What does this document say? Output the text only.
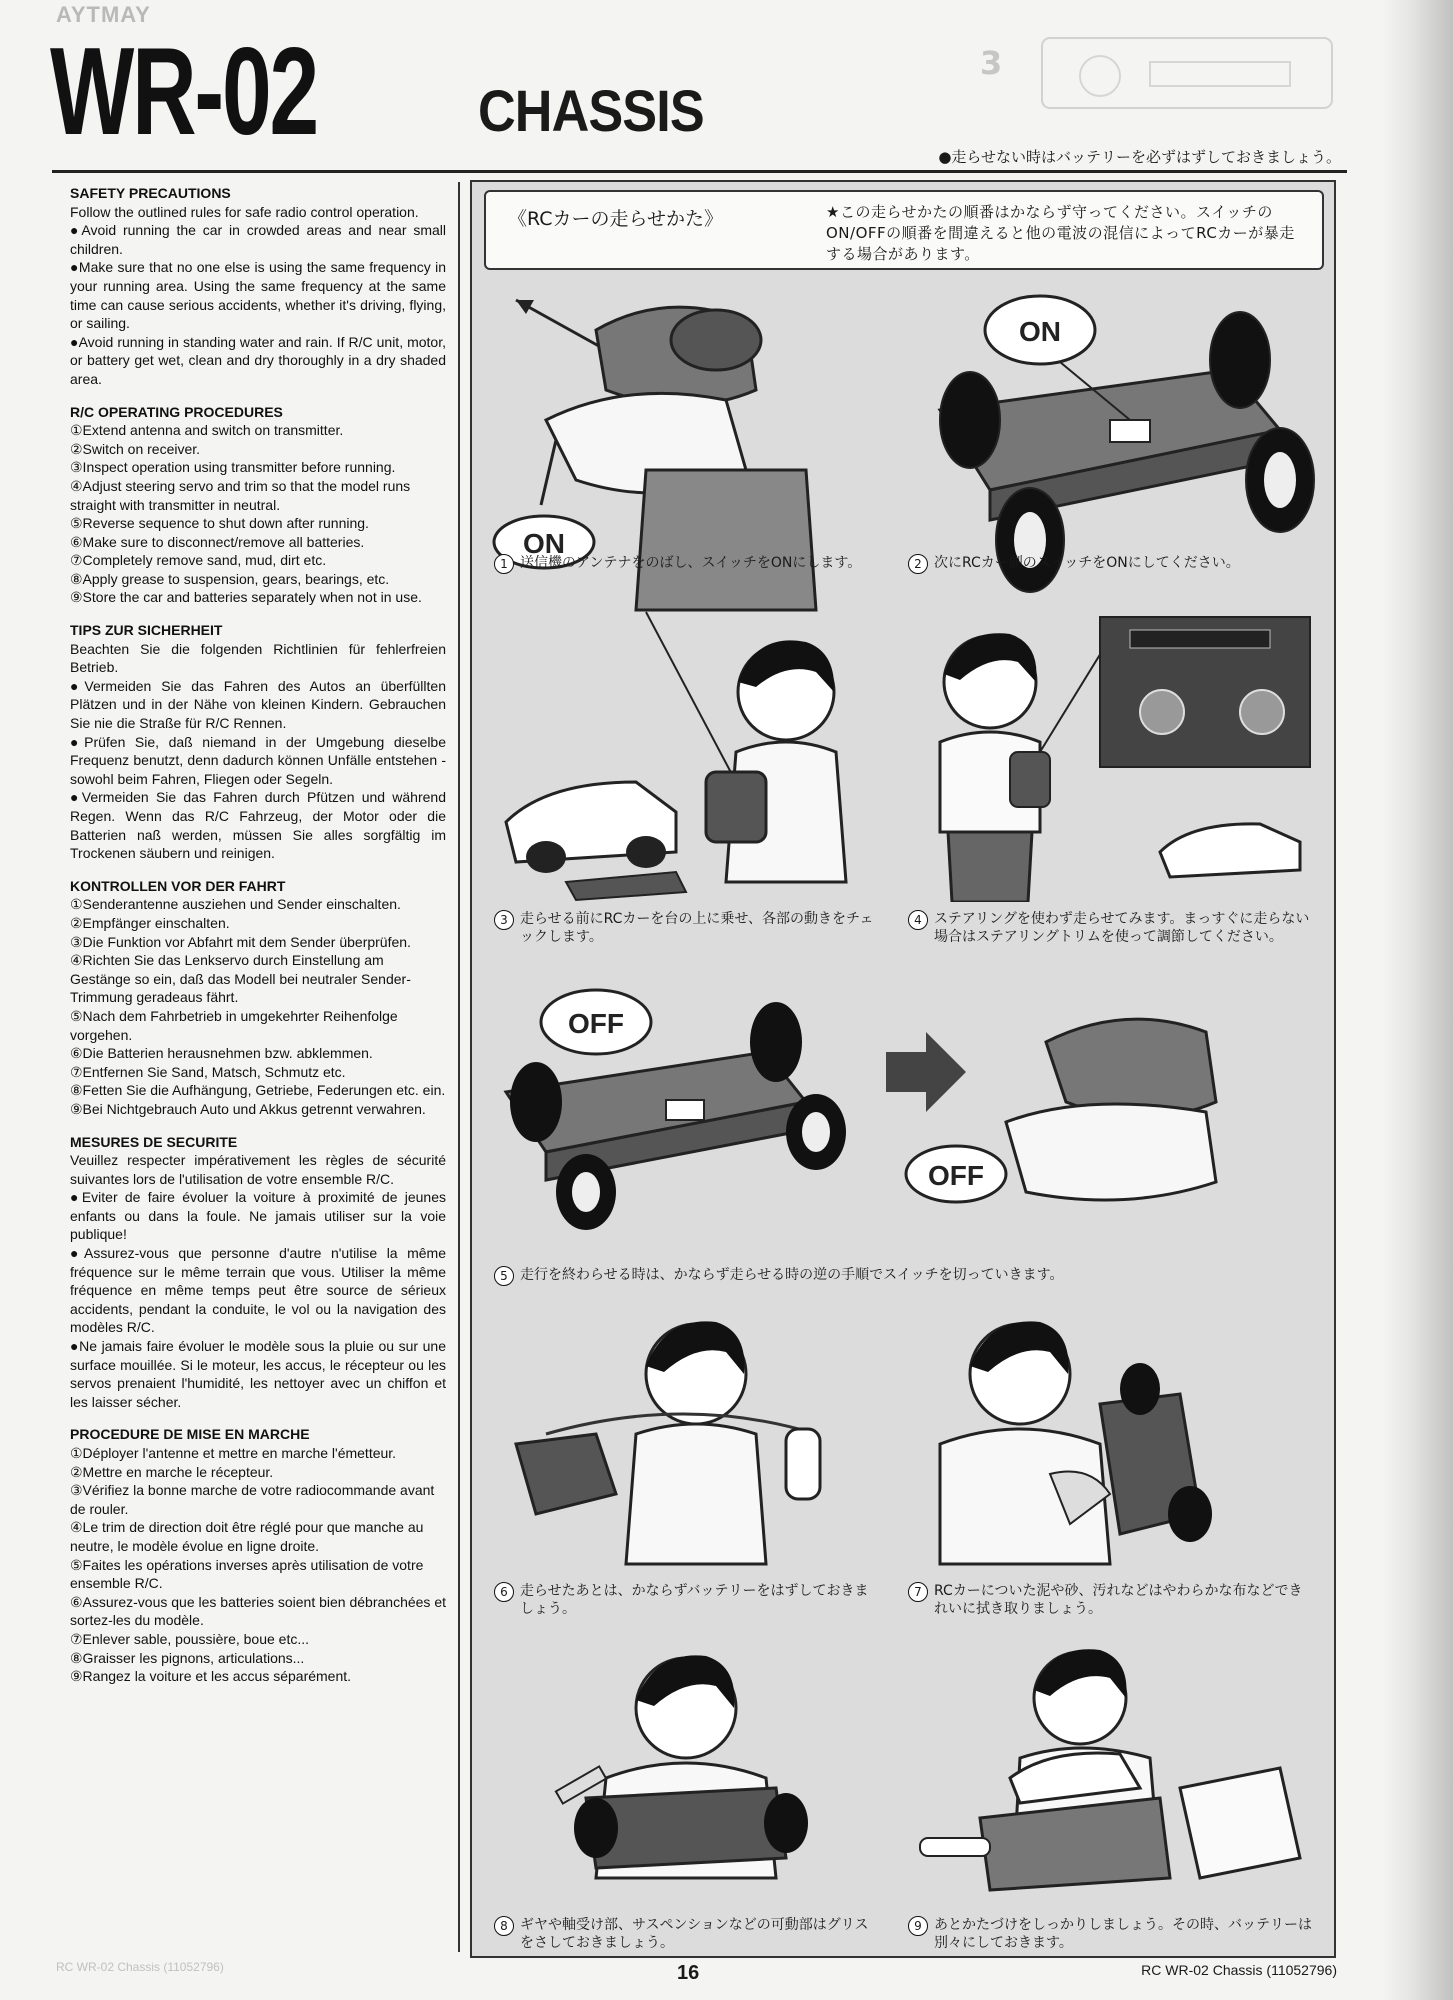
AYTMAY
WR-02	CHASSIS
3
●走らせない時はバッテリーを必ずはずしておきましょう。
SAFETY PRECAUTIONS
Follow the outlined rules for safe radio control operation.
●Avoid running the car in crowded areas and near small children.
●Make sure that no one else is using the same frequency in your running area. Using the same frequency at the same time can cause serious accidents, whether it's driving, flying, or sailing.
●Avoid running in standing water and rain. If R/C unit, motor, or battery get wet, clean and dry thoroughly in a dry shaded area.
R/C OPERATING PROCEDURES
①Extend antenna and switch on transmitter.
②Switch on receiver.
③Inspect operation using transmitter before running.
④Adjust steering servo and trim so that the model runs straight with transmitter in neutral.
⑤Reverse sequence to shut down after running.
⑥Make sure to disconnect/remove all batteries.
⑦Completely remove sand, mud, dirt etc.
⑧Apply grease to suspension, gears, bearings, etc.
⑨Store the car and batteries separately when not in use.
TIPS ZUR SICHERHEIT
Beachten Sie die folgenden Richtlinien für fehlerfreien Betrieb.
●Vermeiden Sie das Fahren des Autos an überfüllten Plätzen und in der Nähe von kleinen Kindern. Gebrauchen Sie nie die Straße für R/C Rennen.
●Prüfen Sie, daß niemand in der Umgebung dieselbe Frequenz benutzt, denn dadurch können Unfälle entstehen - sowohl beim Fahren, Fliegen oder Segeln.
●Vermeiden Sie das Fahren durch Pfützen und während Regen. Wenn das R/C Fahrzeug, der Motor oder die Batterien naß werden, müssen Sie alles sorgfältig im Trockenen säubern und reinigen.
KONTROLLEN VOR DER FAHRT
①Senderantenne ausziehen und Sender einschalten.
②Empfänger einschalten.
③Die Funktion vor Abfahrt mit dem Sender überprüfen.
④Richten Sie das Lenkservo durch Einstellung am Gestänge so ein, daß das Modell bei neutraler Sender-Trimmung geradeaus fährt.
⑤Nach dem Fahrbetrieb in umgekehrter Reihenfolge vorgehen.
⑥Die Batterien herausnehmen bzw. abklemmen.
⑦Entfernen Sie Sand, Matsch, Schmutz etc.
⑧Fetten Sie die Aufhängung, Getriebe, Federungen etc. ein.
⑨Bei Nichtgebrauch Auto und Akkus getrennt verwahren.
MESURES DE SECURITE
Veuillez respecter impérativement les règles de sécurité suivantes lors de l'utilisation de votre ensemble R/C.
●Eviter de faire évoluer la voiture à proximité de jeunes enfants ou dans la foule. Ne jamais utiliser sur la voie publique!
●Assurez-vous que personne d'autre n'utilise la même fréquence sur le même terrain que vous. Utiliser la même fréquence en même temps peut être source de sérieux accidents, pendant la conduite, le vol ou la navigation des modèles R/C.
●Ne jamais faire évoluer le modèle sous la pluie ou sur une surface mouillée. Si le moteur, les accus, le récepteur ou les servos prenaient l'humidité, les nettoyer avec un chiffon et les laisser sécher.
PROCEDURE DE MISE EN MARCHE
①Déployer l'antenne et mettre en marche l'émetteur.
②Mettre en marche le récepteur.
③Vérifiez la bonne marche de votre radiocommande avant de rouler.
④Le trim de direction doit être réglé pour que manche au neutre, le modèle évolue en ligne droite.
⑤Faites les opérations inverses après utilisation de votre ensemble R/C.
⑥Assurez-vous que les batteries soient bien débranchées et sortez-les du modèle.
⑦Enlever sable, poussière, boue etc...
⑧Graisser les pignons, articulations...
⑨Rangez la voiture et les accus séparément.
《RCカーの走らせかた》	★この走らせかたの順番はかならず守ってください。スイッチのON/OFFの順番を間違えると他の電波の混信によってRCカーが暴走する場合があります。
ON
ON
1 送信機のアンテナをのばし、スイッチをONにします。	2 次にRCカー側のスイッチをONにしてください。
3 走らせる前にRCカーを台の上に乗せ、各部の動きをチェックします。
4 ステアリングを使わず走らせてみます。まっすぐに走らない場合はステアリングトリムを使って調節してください。
OFF
OFF
5 走行を終わらせる時は、かならず走らせる時の逆の手順でスイッチを切っていきます。
6 走らせたあとは、かならずバッテリーをはずしておきましょう。
7 RCカーについた泥や砂、汚れなどはやわらかな布などできれいに拭き取りましょう。
8 ギヤや軸受け部、サスペンションなどの可動部はグリスをさしておきましょう。
9 あとかたづけをしっかりしましょう。その時、バッテリーは別々にしておきます。
RC WR-02 Chassis (11052796)	16	RC WR-02 Chassis (11052796)
